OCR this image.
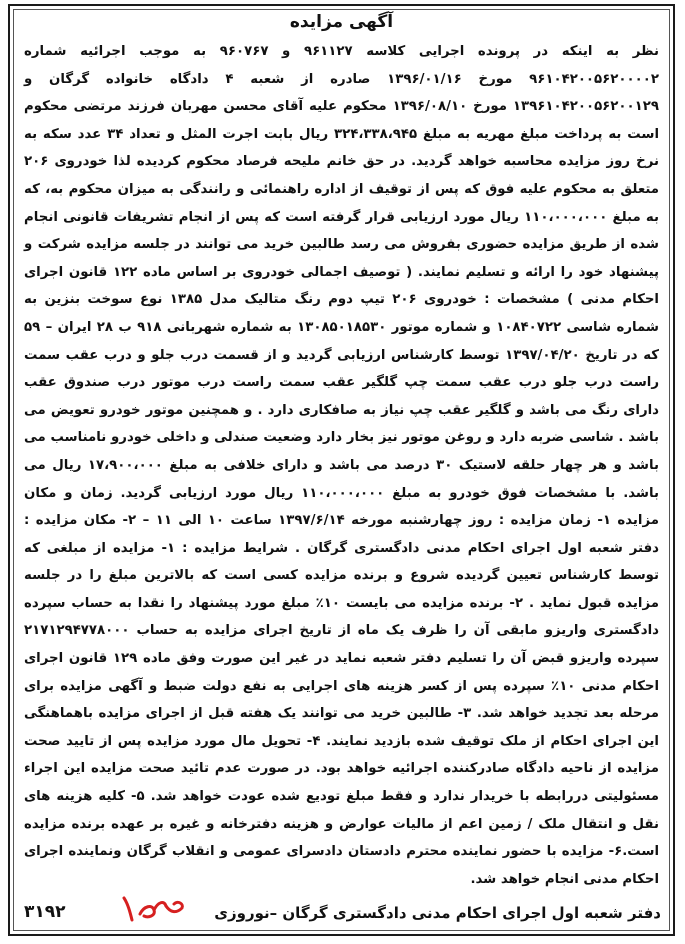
آگهی مزایده

نظر به اینکه در پرونده اجرایی کلاسه ۹۶۱۱۲۷ و ۹۶۰۷۶۷ به موجب اجرائیه شماره ۹۶۱۰۴۲۰۰۵۶۲۰۰۰۰۲ مورخ ۱۳۹۶/۰۱/۱۶ صادره از شعبه ۴ دادگاه خانواده گرگان و ۱۳۹۶۱۰۴۲۰۰۵۶۲۰۰۱۲۹ مورخ ۱۳۹۶/۰۸/۱۰ محکوم علیه آقای محسن مهربان فرزند مرتضی محکوم است به پرداخت مبلغ مهریه به مبلغ ۳۲۴،۳۳۸،۹۴۵ ریال بابت اجرت المثل و تعداد ۳۴ عدد سکه به نرخ روز مزایده محاسبه خواهد گردید. در حق خانم ملیحه فرصاد محکوم کردیده لذا خودروی ۲۰۶ متعلق به محکوم علیه فوق که پس از توقیف از اداره راهنمائی و رانندگی به میزان محکوم به، که به مبلغ ۱۱۰،۰۰۰،۰۰۰ ریال مورد ارزیابی قرار گرفته است که پس از انجام تشریفات قانونی انجام شده از طریق مزایده حضوری بفروش می رسد طالبین خرید می توانند در جلسه مزایده شرکت و پیشنهاد خود را ارائه و تسلیم نمایند. ( توصیف اجمالی خودروی بر اساس ماده ۱۲۲ قانون اجرای احکام مدنی ) مشخصات : خودروی ۲۰۶ تیپ دوم رنگ متالیک مدل ۱۳۸۵ نوع سوخت بنزین به شماره شاسی ۱۰۸۴۰۷۲۲ و شماره موتور ۱۳۰۸۵۰۱۸۵۳۰ به شماره شهربانی ۹۱۸ ب ۲۸ ایران – ۵۹ که در تاریخ ۱۳۹۷/۰۴/۲۰ توسط کارشناس ارزیابی گردید و از قسمت درب جلو و درب عقب سمت راست درب جلو درب عقب سمت چپ گلگیر عقب سمت راست درب موتور درب صندوق عقب دارای رنگ می باشد و گلگیر عقب چپ نیاز به صافکاری دارد . و همچنین موتور خودرو تعویض می باشد . شاسی ضربه دارد و روغن موتور نیز بخار دارد وضعیت صندلی و داخلی خودرو نامناسب می باشد و هر چهار حلقه لاستیک ۳۰ درصد می باشد و دارای خلافی به مبلغ ۱۷،۹۰۰،۰۰۰ ریال می باشد. با مشخصات فوق خودرو به مبلغ ۱۱۰،۰۰۰،۰۰۰ ریال مورد ارزیابی گردید. زمان و مکان مزایده ۱- زمان مزایده : روز چهارشنبه مورخه ۱۳۹۷/۶/۱۴ ساعت ۱۰ الی ۱۱ – ۲- مکان مزایده : دفتر شعبه اول اجرای احکام مدنی دادگستری گرگان . شرایط مزایده : ۱- مزایده از مبلغی که توسط کارشناس تعیین گردیده شروع و برنده مزایده کسی است که بالاترین مبلغ را در جلسه مزایده قبول نماید . ۲- برنده مزایده می بایست ۱۰٪ مبلغ مورد پیشنهاد را نقدا به حساب سپرده دادگستری واریزو مابقی آن را ظرف یک ماه از تاریخ اجرای مزایده به حساب ۲۱۷۱۲۹۴۷۷۸۰۰۰ سپرده واریزو قبض آن را تسلیم دفتر شعبه نماید در غیر این صورت وفق ماده ۱۲۹ قانون اجرای احکام مدنی ۱۰٪ سپرده پس از کسر هزینه های اجرایی به نفع دولت ضبط و آگهی مزایده برای مرحله بعد تجدید خواهد شد. ۳- طالبین خرید می توانند یک هفته قبل از اجرای مزایده باهماهنگی این اجرای احکام از ملک توقیف شده بازدید نمایند. ۴- تحویل مال مورد مزایده پس از تایید صحت مزایده از ناحیه دادگاه صادرکننده اجرائیه خواهد بود. در صورت عدم تائید صحت مزایده این اجراء مسئولیتی دررابطه با خریدار ندارد و فقط مبلغ تودیع شده عودت خواهد شد. ۵- کلیه هزینه های نقل و انتقال ملک / زمین اعم از مالیات عوارض و هزینه دفترخانه و غیره بر عهده برنده مزایده است.۶- مزایده با حضور نماینده محترم دادستان دادسرای عمومی و انقلاب گرگان ونماینده اجرای احکام مدنی انجام خواهد شد.

دفتر شعبه اول اجرای احکام مدنی دادگستری گرگان –نوروزی
۳۱۹۲
